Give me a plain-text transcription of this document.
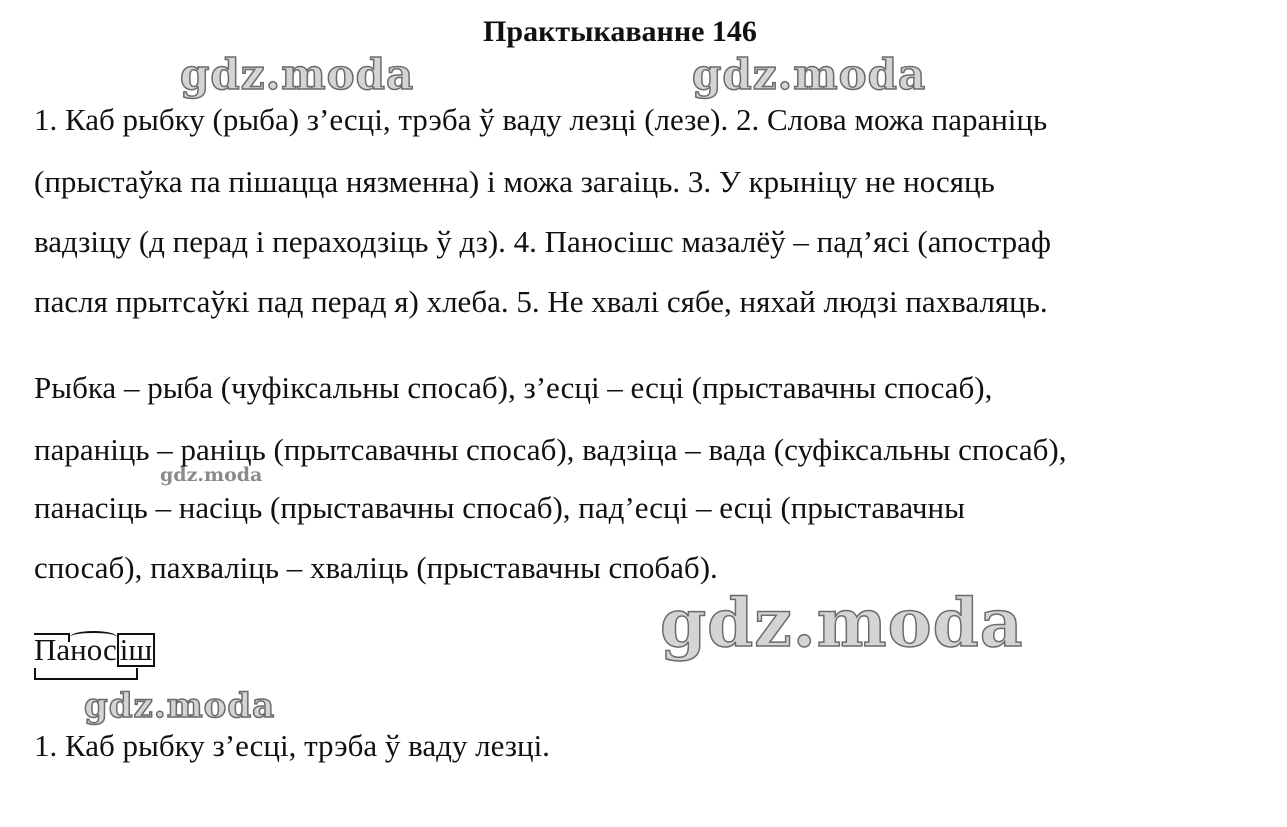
Практыкаванне 146
gdz.moda	gdz.moda
gdz.moda
gdz.moda
gdz.moda
1. Каб рыбку (рыба) з’есці, трэба ў ваду лезці (лезе). 2. Слова можа параніць
(прыстаўка па пішацца нязменна) і можа загаіць. 3. У крыніцу не носяць
вадзіцу (д перад і пераходзіць ў дз). 4. Паносішс мазалёў – пад’ясі (апостраф
пасля прытсаўкі пад перад я) хлеба. 5. Не хвалі сябе, няхай людзі пахваляць.
Рыбка – рыба (чуфіксальны спосаб), з’есці – есці (прыставачны спосаб),
параніць – раніць (прытсавачны спосаб), вадзіца – вада (суфіксальны спосаб),
панасіць – насіць (прыставачны спосаб), пад’есці – есці (прыставачны
спосаб), пахваліць – хваліць (прыставачны спобаб).
Па
носіш
1. Каб рыбку з’есці, трэба ў ваду лезці.
